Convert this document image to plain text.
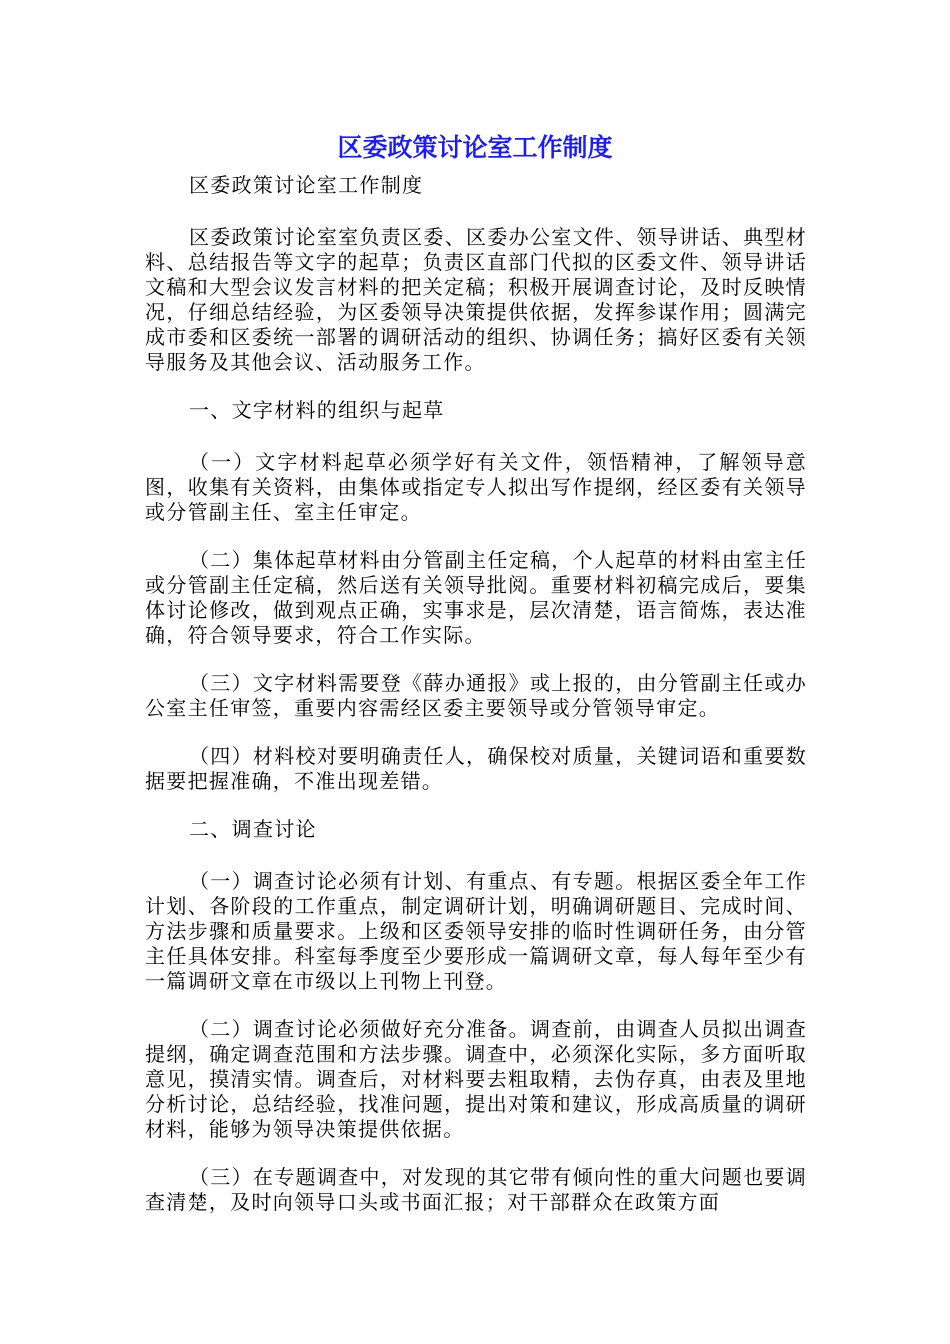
区委政策讨论室工作制度

区委政策讨论室工作制度

区委政策讨论室室负责区委、区委办公室文件、领导讲话、典型材料、总结报告等文字的起草；负责区直部门代拟的区委文件、领导讲话文稿和大型会议发言材料的把关定稿；积极开展调查讨论，及时反映情况，仔细总结经验，为区委领导决策提供依据，发挥参谋作用；圆满完成市委和区委统一部署的调研活动的组织、协调任务；搞好区委有关领导服务及其他会议、活动服务工作。

一、文字材料的组织与起草

（一）文字材料起草必须学好有关文件，领悟精神，了解领导意图，收集有关资料，由集体或指定专人拟出写作提纲，经区委有关领导或分管副主任、室主任审定。

（二）集体起草材料由分管副主任定稿，个人起草的材料由室主任或分管副主任定稿，然后送有关领导批阅。重要材料初稿完成后，要集体讨论修改，做到观点正确，实事求是，层次清楚，语言简炼，表达准确，符合领导要求，符合工作实际。

（三）文字材料需要登《薛办通报》或上报的，由分管副主任或办公室主任审签，重要内容需经区委主要领导或分管领导审定。

（四）材料校对要明确责任人，确保校对质量，关键词语和重要数据要把握准确，不准出现差错。

二、调查讨论

（一）调查讨论必须有计划、有重点、有专题。根据区委全年工作计划、各阶段的工作重点，制定调研计划，明确调研题目、完成时间、方法步骤和质量要求。上级和区委领导安排的临时性调研任务，由分管主任具体安排。科室每季度至少要形成一篇调研文章，每人每年至少有一篇调研文章在市级以上刊物上刊登。

（二）调查讨论必须做好充分准备。调查前，由调查人员拟出调查提纲，确定调查范围和方法步骤。调查中，必须深化实际，多方面听取意见，摸清实情。调查后，对材料要去粗取精，去伪存真，由表及里地分析讨论，总结经验，找准问题，提出对策和建议，形成高质量的调研材料，能够为领导决策提供依据。

（三）在专题调查中，对发现的其它带有倾向性的重大问题也要调查清楚，及时向领导口头或书面汇报；对干部群众在政策方面
